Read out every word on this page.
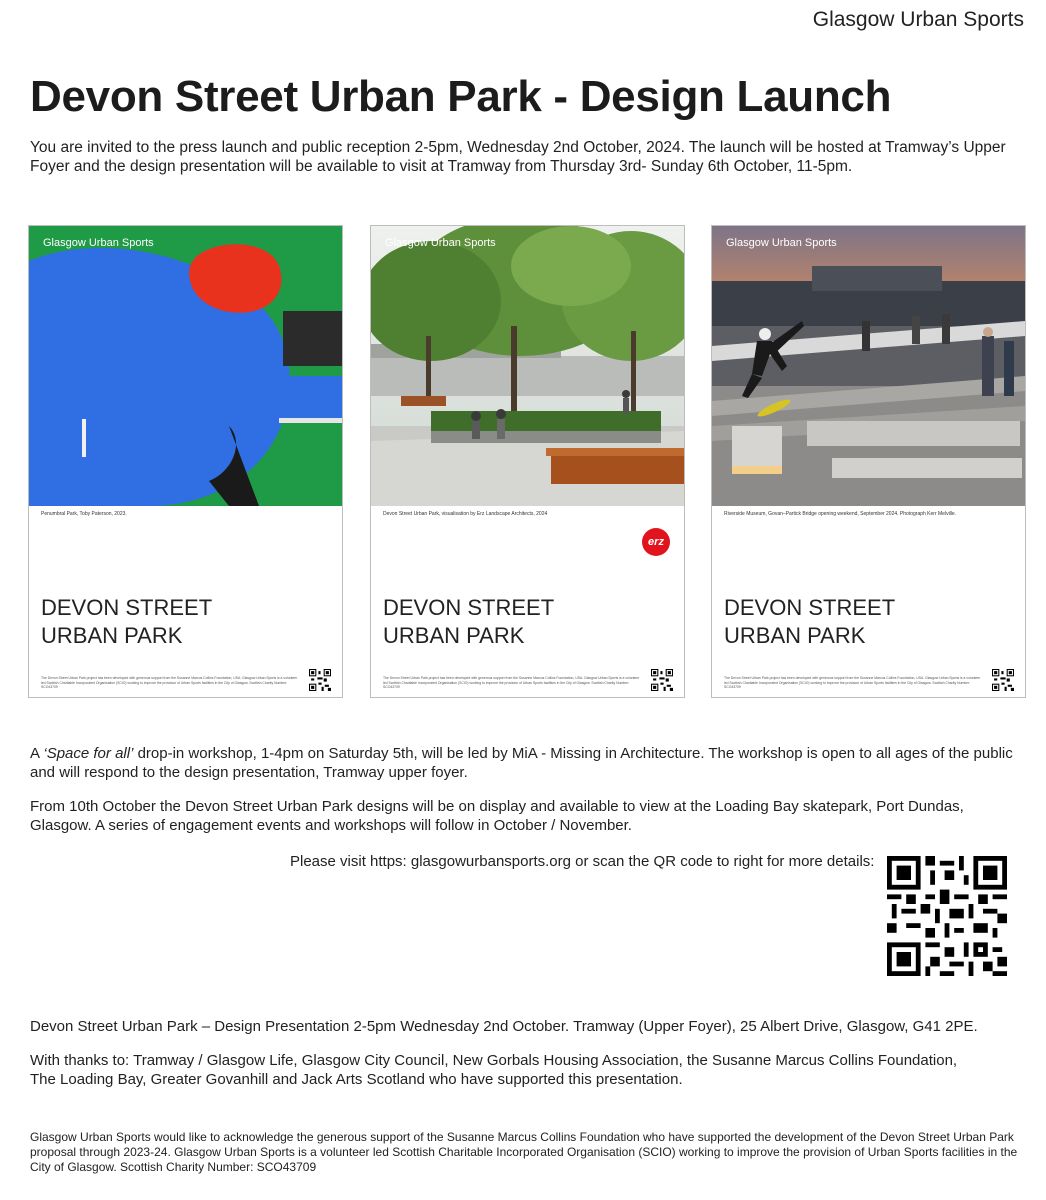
Glasgow Urban Sports
Devon Street Urban Park - Design Launch

You are invited to the press launch and public reception 2-5pm, Wednesday 2nd October, 2024. The launch will be hosted at Tramway’s Upper Foyer and the design presentation will be available to visit at Tramway from Thursday 3rd- Sunday 6th October, 11-5pm.

Glasgow Urban Sports
Penumbral Park, Toby Paterson, 2023.
DEVON STREET
URBAN PARK
The Devon Street Urban Park project has been developed with generous support from the Susanne Marcus Collins Foundation, USA. Glasgow Urban Sports is a volunteer led Scottish Charitable Incorporated Organisation (SCIO) working to improve the provision of Urban Sports facilities in the City of Glasgow. Scottish Charity Number: SCO43709
Glasgow Urban Sports
Devon Street Urban Park, visualisation by Erz Landscape Architects, 2024
erz
DEVON STREET
URBAN PARK
The Devon Street Urban Park project has been developed with generous support from the Susanne Marcus Collins Foundation, USA. Glasgow Urban Sports is a volunteer led Scottish Charitable Incorporated Organisation (SCIO) working to improve the provision of Urban Sports facilities in the City of Glasgow. Scottish Charity Number: SCO43709
Glasgow Urban Sports
Riverside Museum, Govan–Partick Bridge opening weekend, September 2024. Photograph Kerr Melville.
DEVON STREET
URBAN PARK
The Devon Street Urban Park project has been developed with generous support from the Susanne Marcus Collins Foundation, USA. Glasgow Urban Sports is a volunteer led Scottish Charitable Incorporated Organisation (SCIO) working to improve the provision of Urban Sports facilities in the City of Glasgow. Scottish Charity Number: SCO43709

A ‘Space for all’ drop-in workshop, 1-4pm on Saturday 5th, will be led by MiA - Missing in Architecture. The workshop is open to all ages of the public and will respond to the design presentation, Tramway upper foyer.

From 10th October the Devon Street Urban Park designs will be on display and available to view at the Loading Bay skatepark, Port Dundas, Glasgow. A series of engagement events and workshops will follow in October / November.

Please visit https: glasgowurbansports.org or scan the QR code to right for more details:

Devon Street Urban Park – Design Presentation 2-5pm Wednesday 2nd October. Tramway (Upper Foyer), 25 Albert Drive, Glasgow, G41 2PE.

With thanks to: Tramway / Glasgow Life, Glasgow City Council, New Gorbals Housing Association, the Susanne Marcus Collins Foundation,
The Loading Bay, Greater Govanhill and Jack Arts Scotland who have supported this presentation.

Glasgow Urban Sports would like to acknowledge the generous support of the Susanne Marcus Collins Foundation who have supported the development of the Devon Street Urban Park proposal through 2023-24. Glasgow Urban Sports is a volunteer led Scottish Charitable Incorporated Organisation (SCIO) working to improve the provision of Urban Sports facilities in the City of Glasgow. Scottish Charity Number: SCO43709
